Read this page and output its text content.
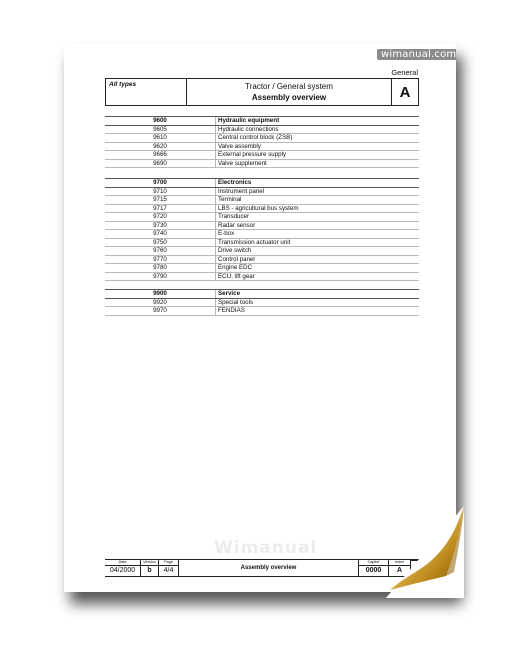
wimanual.com
General
All types	Tractor / General system
Assembly overview	A
9600	Hydraulic equipment
9605	Hydraulic connections
9610	Central control block (ZSB)
9620	Valve assembly
9666	External pressure supply
9690	Valve supplement
9700	Electronics
9710	Instrument panel
9715	Terminal
9717	LBS - agricultural bus system
9720	Transducer
9730	Radar sensor
9740	E-box
9750	Transmission actuator unit
9760	Drive switch
9770	Control panel
9780	Engine EDC
9790	ECU, lift gear
9900	Service
9920	Special tools
9970	FENDIAS
Wimanual
Date
04/2000
Version
b
Page
4/4	Assembly overview
Capitel
0000
Index
A
